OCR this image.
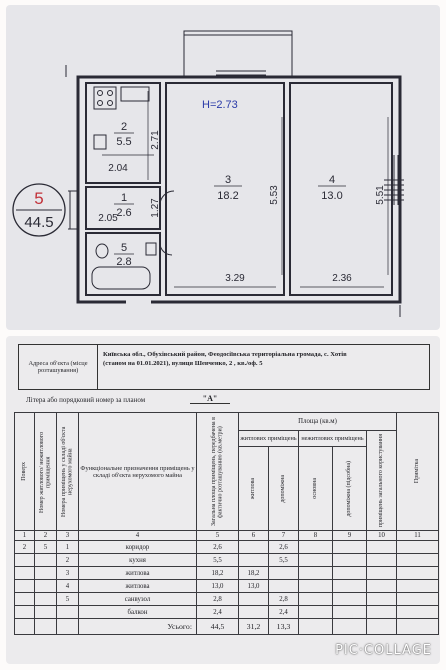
5
44.5
H=2.73
2
5.5
1
2.6
5
2.8
3
18.2
4
13.0
2.71
2.04
1.27
2.05
5.53	5.51
3.29	2.36
Адреса об'єкта (місце розташування)
Київська обл., Обухівський район, Феодосіївська територіальна громада, с. Хотів
(станом на 01.01.2021), вулиця Шевченко, 2 , кв./оф. 5
Літера або порядковий номер за планом	"А"
Поверх	Номер житлового/ нежитлового приміщення	Номера приміщень у складі об'єкта нерухомого майна	Функціональне призначення приміщень у складі об'єкта нерухомого майна	Загальна площа приміщень, передбачена в фактично розташуванню (кв.метри)	Площа (кв.м)					Примітка

					житлових приміщень		нежитлових приміщень		приміщень загального користування	

					житлова	допоміжна	основна	допоміжна (підсобна)		

1	2	3	4	5	6	7	8	9	10	11
2	5	1	коридор	2,6		2,6				
		2	кухня	5,5		5,5				
		3	житлова	18,2	18,2					
		4	житлова	13,0	13,0					
		5	санвузол	2,8		2,8				
			балкон	2,4		2,4				
			Усього:	44,5	31,2	13,3				
PIC·COLLAGE
